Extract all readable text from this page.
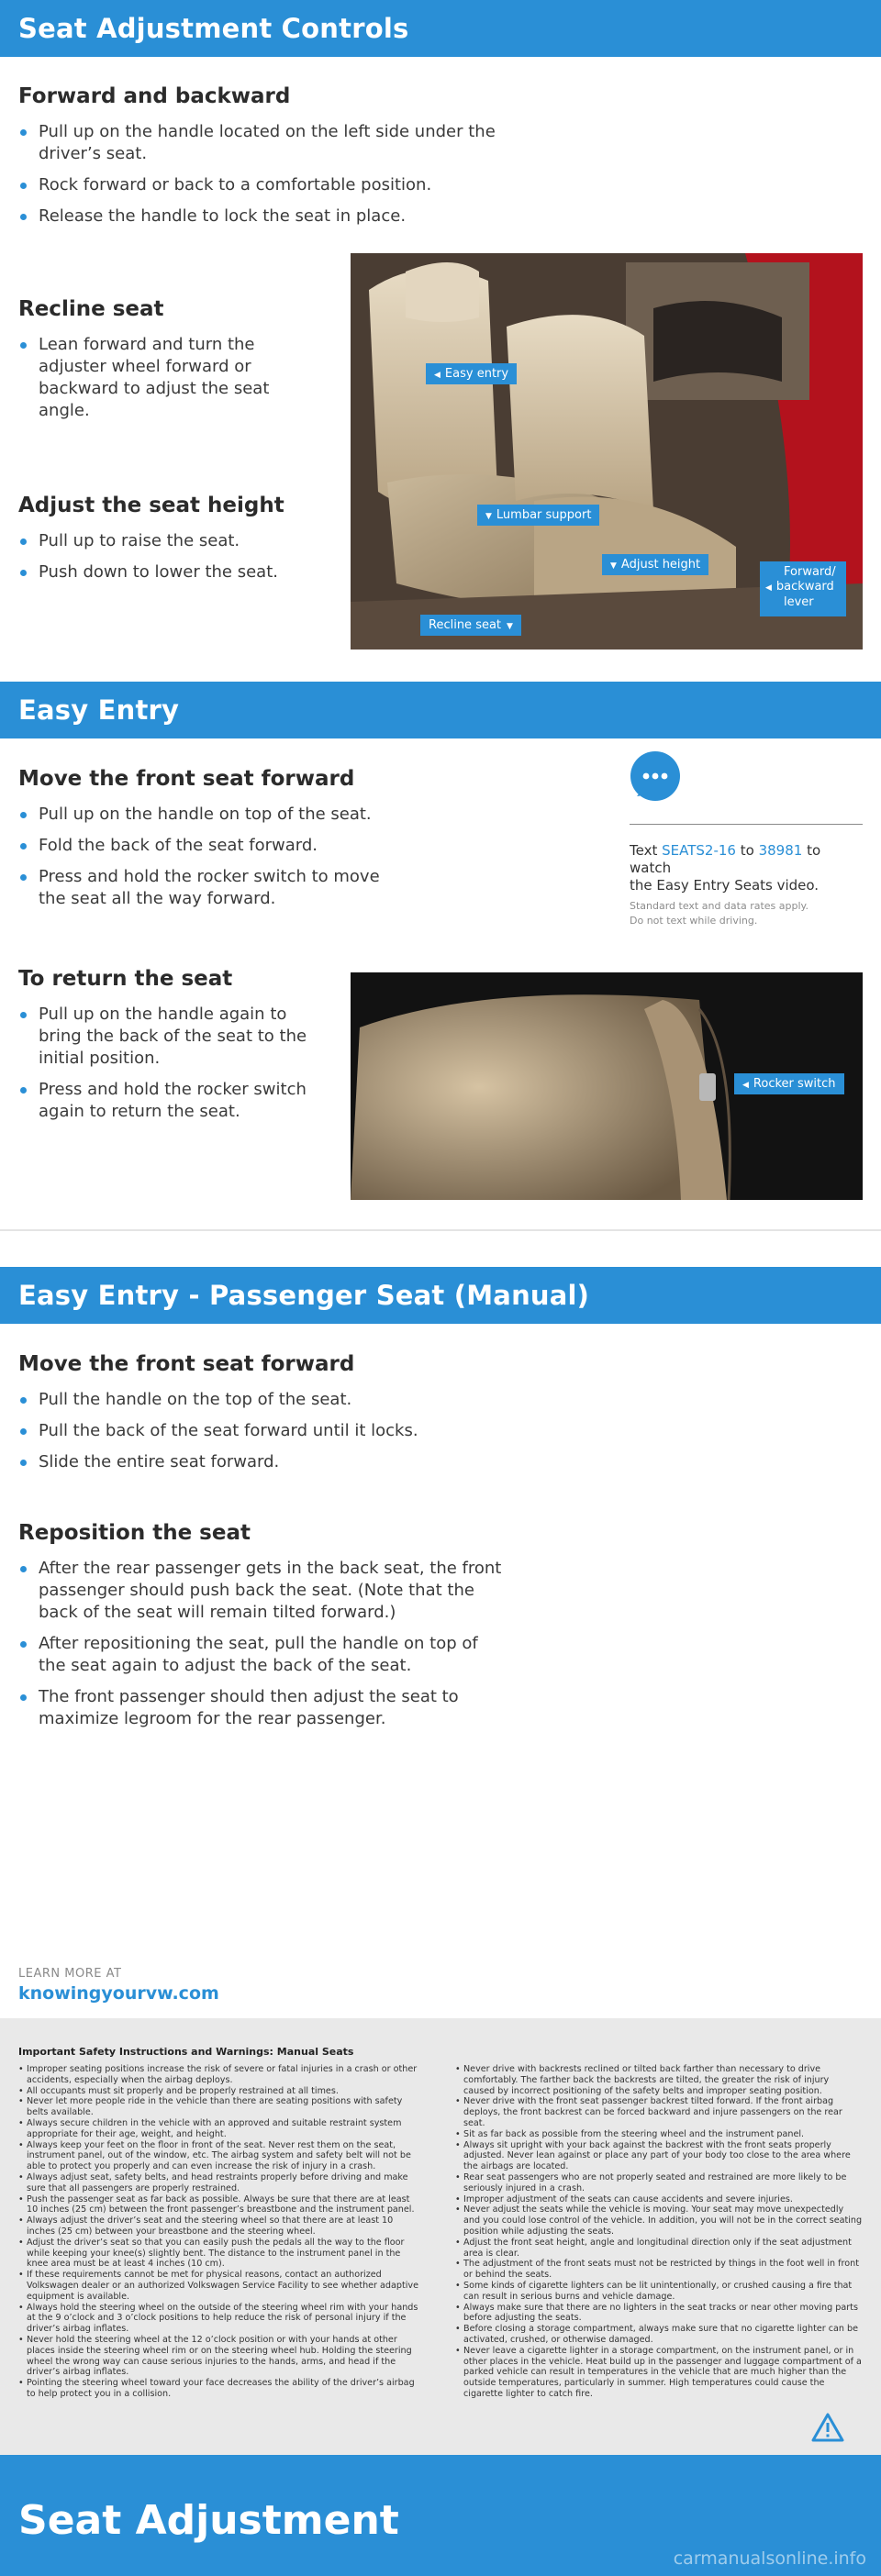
Seat Adjustment Controls
Forward and backward
Pull up on the handle located on the left side under the driver’s seat.
Rock forward or back to a comfortable position.
Release the handle to lock the seat in place.
Recline seat
Lean forward and turn the adjuster wheel forward or backward to adjust the seat angle.
Adjust the seat height
Pull up to raise the seat.
Push down to lower the seat.
◀ Easy entry
▼ Lumbar support
▼ Adjust height
Recline seat ▼
Forward/
◀ backward
lever
Easy Entry
Move the front seat forward
Pull up on the handle on top of the seat.
Fold the back of the seat forward.
Press and hold the rocker switch to move the seat all the way forward.
Text SEATS2-16 to 38981 to watch
the Easy Entry Seats video.
Standard text and data rates apply.
Do not text while driving.
To return the seat
Pull up on the handle again to bring the back of the seat to the initial position.
Press and hold the rocker switch again to return the seat.
◀ Rocker switch
Easy Entry - Passenger Seat (Manual)
Move the front seat forward
Pull the handle on the top of the seat.
Pull the back of the seat forward until it locks.
Slide the entire seat forward.
Reposition the seat
After the rear passenger gets in the back seat, the front passenger should push back the seat. (Note that the back of the seat will remain tilted forward.)
After repositioning the seat, pull the handle on top of the seat again to adjust the back of the seat.
The front passenger should then adjust the seat to maximize legroom for the rear passenger.
LEARN MORE AT
knowingyourvw.com
Important Safety Instructions and Warnings: Manual Seats
• Improper seating positions increase the risk of severe or fatal injuries in a crash or other accidents, especially when the airbag deploys.
• All occupants must sit properly and be properly restrained at all times.
• Never let more people ride in the vehicle than there are seating positions with safety belts available.
• Always secure children in the vehicle with an approved and suitable restraint system appropriate for their age, weight, and height.
• Always keep your feet on the floor in front of the seat. Never rest them on the seat, instrument panel, out of the window, etc. The airbag system and safety belt will not be able to protect you properly and can even increase the risk of injury in a crash.
• Always adjust seat, safety belts, and head restraints properly before driving and make sure that all passengers are properly restrained.
• Push the passenger seat as far back as possible. Always be sure that there are at least 10 inches (25 cm) between the front passenger’s breastbone and the instrument panel.
• Always adjust the driver’s seat and the steering wheel so that there are at least 10 inches (25 cm) between your breastbone and the steering wheel.
• Adjust the driver’s seat so that you can easily push the pedals all the way to the floor while keeping your knee(s) slightly bent. The distance to the instrument panel in the knee area must be at least 4 inches (10 cm).
• If these requirements cannot be met for physical reasons, contact an authorized Volkswagen dealer or an authorized Volkswagen Service Facility to see whether adaptive equipment is available.
• Always hold the steering wheel on the outside of the steering wheel rim with your hands at the 9 o’clock and 3 o’clock positions to help reduce the risk of personal injury if the driver’s airbag inflates.
• Never hold the steering wheel at the 12 o’clock position or with your hands at other places inside the steering wheel rim or on the steering wheel hub. Holding the steering wheel the wrong way can cause serious injuries to the hands, arms, and head if the driver’s airbag inflates.
• Pointing the steering wheel toward your face decreases the ability of the driver’s airbag to help protect you in a collision.
• Never drive with backrests reclined or tilted back farther than necessary to drive comfortably. The farther back the backrests are tilted, the greater the risk of injury caused by incorrect positioning of the safety belts and improper seating position.
• Never drive with the front seat passenger backrest tilted forward. If the front airbag deploys, the front backrest can be forced backward and injure passengers on the rear seat.
• Sit as far back as possible from the steering wheel and the instrument panel.
• Always sit upright with your back against the backrest with the front seats properly adjusted. Never lean against or place any part of your body too close to the area where the airbags are located.
• Rear seat passengers who are not properly seated and restrained are more likely to be seriously injured in a crash.
• Improper adjustment of the seats can cause accidents and severe injuries.
• Never adjust the seats while the vehicle is moving. Your seat may move unexpectedly and you could lose control of the vehicle. In addition, you will not be in the correct seating position while adjusting the seats.
• Adjust the front seat height, angle and longitudinal direction only if the seat adjustment area is clear.
• The adjustment of the front seats must not be restricted by things in the foot well in front or behind the seats.
• Some kinds of cigarette lighters can be lit unintentionally, or crushed causing a fire that can result in serious burns and vehicle damage.
• Always make sure that there are no lighters in the seat tracks or near other moving parts before adjusting the seats.
• Before closing a storage compartment, always make sure that no cigarette lighter can be activated, crushed, or otherwise damaged.
• Never leave a cigarette lighter in a storage compartment, on the instrument panel, or in other places in the vehicle. Heat build up in the passenger and luggage compartment of a parked vehicle can result in temperatures in the vehicle that are much higher than the outside temperatures, particularly in summer. High temperatures could cause the cigarette lighter to catch fire.
Seat Adjustment
carmanualsonline.info
